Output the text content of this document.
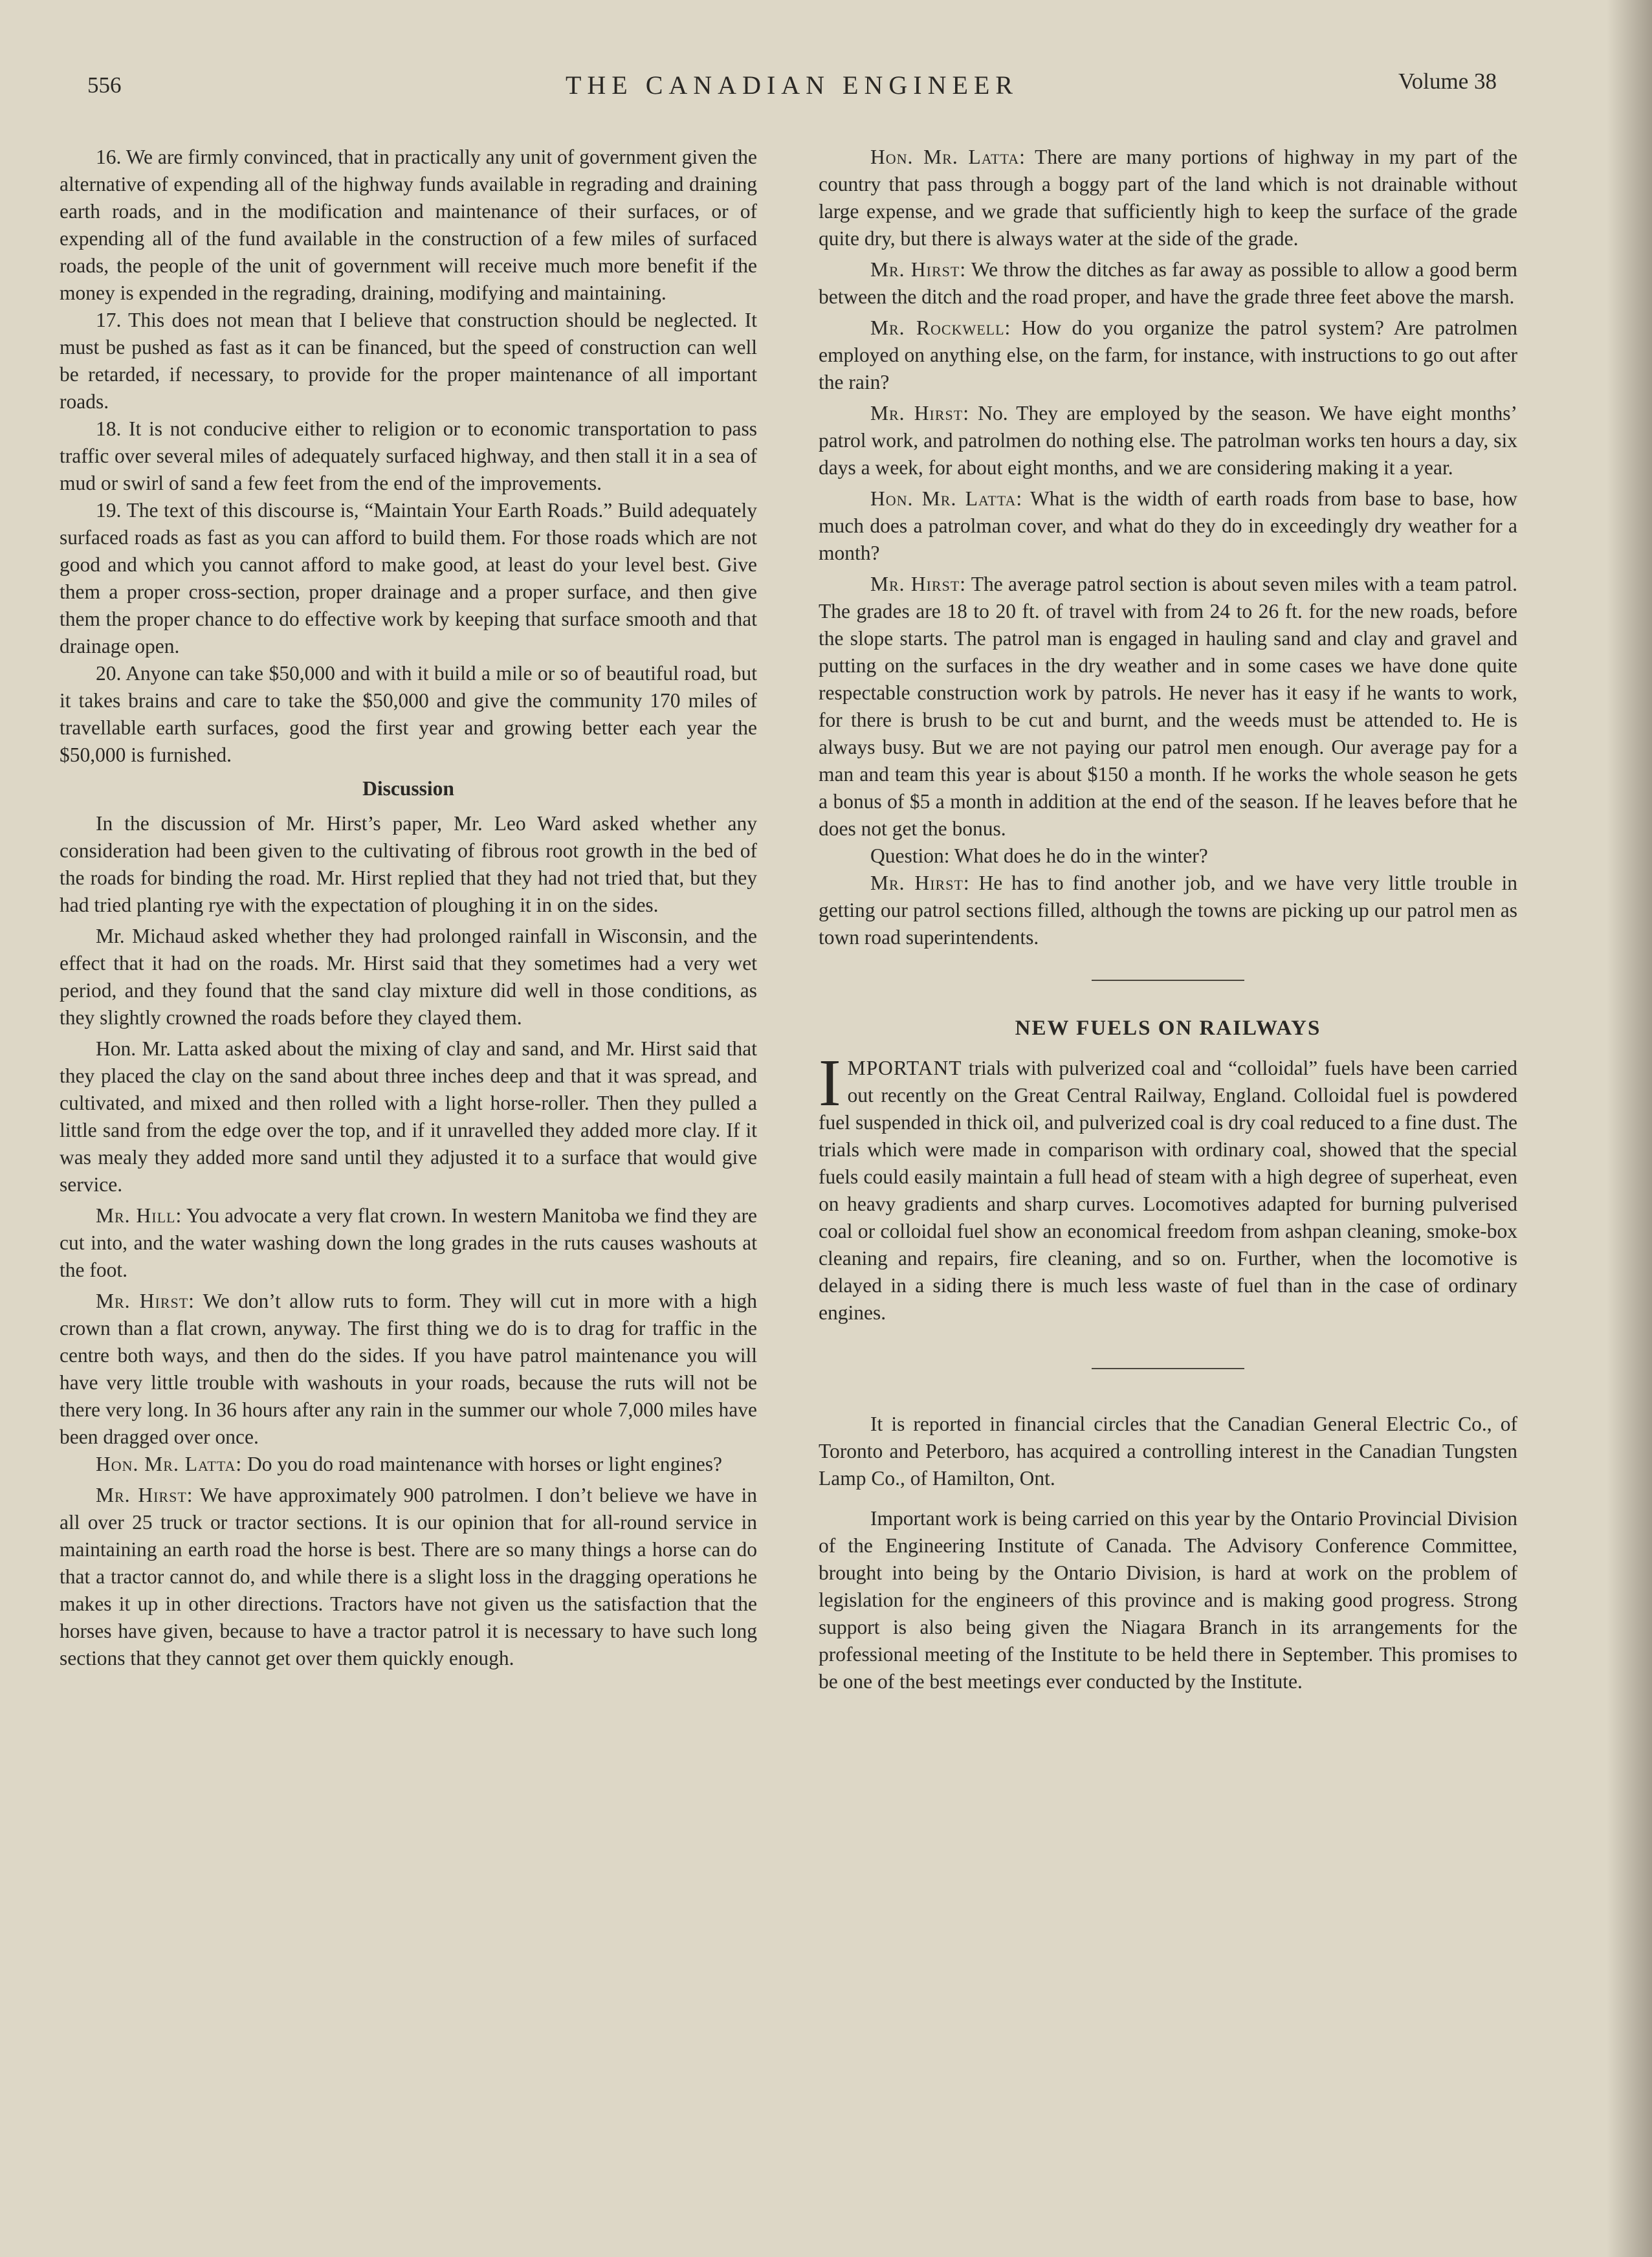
556	THE CANADIAN ENGINEER	Volume 38

16. We are firmly convinced, that in practically any unit of government given the alternative of expending all of the highway funds available in regrading and draining earth roads, and in the modification and maintenance of their surfaces, or of expending all of the fund available in the construction of a few miles of surfaced roads, the people of the unit of government will receive much more benefit if the money is expended in the regrading, draining, modifying and maintaining.

17. This does not mean that I believe that construction should be neglected. It must be pushed as fast as it can be financed, but the speed of construction can well be retarded, if necessary, to provide for the proper maintenance of all important roads.

18. It is not conducive either to religion or to economic transportation to pass traffic over several miles of adequately surfaced highway, and then stall it in a sea of mud or swirl of sand a few feet from the end of the improvements.

19. The text of this discourse is, “Maintain Your Earth Roads.” Build adequately surfaced roads as fast as you can afford to build them. For those roads which are not good and which you cannot afford to make good, at least do your level best. Give them a proper cross-section, proper drainage and a proper surface, and then give them the proper chance to do effective work by keeping that surface smooth and that drainage open.

20. Anyone can take $50,000 and with it build a mile or so of beautiful road, but it takes brains and care to take the $50,000 and give the community 170 miles of travellable earth surfaces, good the first year and growing better each year the $50,000 is furnished.

Discussion

In the discussion of Mr. Hirst’s paper, Mr. Leo Ward asked whether any consideration had been given to the cultivating of fibrous root growth in the bed of the roads for binding the road. Mr. Hirst replied that they had not tried that, but they had tried planting rye with the expectation of ploughing it in on the sides.

Mr. Michaud asked whether they had prolonged rainfall in Wisconsin, and the effect that it had on the roads. Mr. Hirst said that they sometimes had a very wet period, and they found that the sand clay mixture did well in those conditions, as they slightly crowned the roads before they clayed them.

Hon. Mr. Latta asked about the mixing of clay and sand, and Mr. Hirst said that they placed the clay on the sand about three inches deep and that it was spread, and cultivated, and mixed and then rolled with a light horse-roller. Then they pulled a little sand from the edge over the top, and if it unravelled they added more clay. If it was mealy they added more sand until they adjusted it to a surface that would give service.

Mr. Hill: You advocate a very flat crown. In western Manitoba we find they are cut into, and the water washing down the long grades in the ruts causes washouts at the foot.

Mr. Hirst: We don’t allow ruts to form. They will cut in more with a high crown than a flat crown, anyway. The first thing we do is to drag for traffic in the centre both ways, and then do the sides. If you have patrol maintenance you will have very little trouble with washouts in your roads, because the ruts will not be there very long. In 36 hours after any rain in the summer our whole 7,000 miles have been dragged over once.

Hon. Mr. Latta: Do you do road maintenance with horses or light engines?

Mr. Hirst: We have approximately 900 patrolmen. I don’t believe we have in all over 25 truck or tractor sections. It is our opinion that for all-round service in maintaining an earth road the horse is best. There are so many things a horse can do that a tractor cannot do, and while there is a slight loss in the dragging operations he makes it up in other directions. Tractors have not given us the satisfaction that the horses have given, because to have a tractor patrol it is necessary to have such long sections that they cannot get over them quickly enough.

Hon. Mr. Latta: There are many portions of highway in my part of the country that pass through a boggy part of the land which is not drainable without large expense, and we grade that sufficiently high to keep the surface of the grade quite dry, but there is always water at the side of the grade.

Mr. Hirst: We throw the ditches as far away as possible to allow a good berm between the ditch and the road proper, and have the grade three feet above the marsh.

Mr. Rockwell: How do you organize the patrol system? Are patrolmen employed on anything else, on the farm, for instance, with instructions to go out after the rain?

Mr. Hirst: No. They are employed by the season. We have eight months’ patrol work, and patrolmen do nothing else. The patrolman works ten hours a day, six days a week, for about eight months, and we are considering making it a year.

Hon. Mr. Latta: What is the width of earth roads from base to base, how much does a patrolman cover, and what do they do in exceedingly dry weather for a month?

Mr. Hirst: The average patrol section is about seven miles with a team patrol. The grades are 18 to 20 ft. of travel with from 24 to 26 ft. for the new roads, before the slope starts. The patrol man is engaged in hauling sand and clay and gravel and putting on the surfaces in the dry weather and in some cases we have done quite respectable construction work by patrols. He never has it easy if he wants to work, for there is brush to be cut and burnt, and the weeds must be attended to. He is always busy. But we are not paying our patrol men enough. Our average pay for a man and team this year is about $150 a month. If he works the whole season he gets a bonus of $5 a month in addition at the end of the season. If he leaves before that he does not get the bonus.

Question: What does he do in the winter?

Mr. Hirst: He has to find another job, and we have very little trouble in getting our patrol sections filled, although the towns are picking up our patrol men as town road superintendents.

NEW FUELS ON RAILWAYS

IMPORTANT trials with pulverized coal and “colloidal” fuels have been carried out recently on the Great Central Railway, England. Colloidal fuel is powdered fuel suspended in thick oil, and pulverized coal is dry coal reduced to a fine dust. The trials which were made in comparison with ordinary coal, showed that the special fuels could easily maintain a full head of steam with a high degree of superheat, even on heavy gradients and sharp curves. Locomotives adapted for burning pulverised coal or colloidal fuel show an economical freedom from ashpan cleaning, smoke-box cleaning and repairs, fire cleaning, and so on. Further, when the locomotive is delayed in a siding there is much less waste of fuel than in the case of ordinary engines.

It is reported in financial circles that the Canadian General Electric Co., of Toronto and Peterboro, has acquired a controlling interest in the Canadian Tungsten Lamp Co., of Hamilton, Ont.

Important work is being carried on this year by the Ontario Provincial Division of the Engineering Institute of Canada. The Advisory Conference Committee, brought into being by the Ontario Division, is hard at work on the problem of legislation for the engineers of this province and is making good progress. Strong support is also being given the Niagara Branch in its arrangements for the professional meeting of the Institute to be held there in September. This promises to be one of the best meetings ever conducted by the Institute.
